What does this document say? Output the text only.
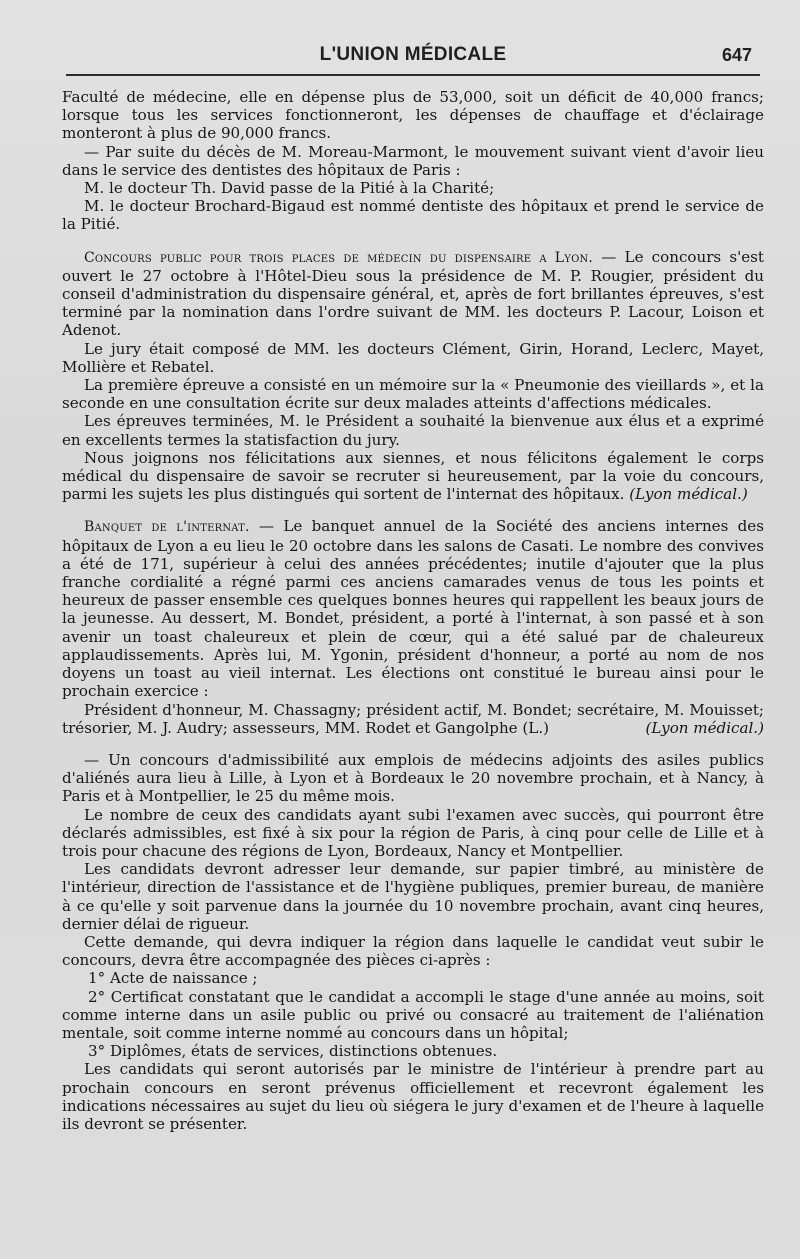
L'UNION MÉDICALE	647

Faculté de médecine, elle en dépense plus de 53,000, soit un déficit de 40,000 francs; lorsque tous les services fonctionneront, les dépenses de chauffage et d'éclairage monteront à plus de 90,000 francs.

— Par suite du décès de M. Moreau-Marmont, le mouvement suivant vient d'avoir lieu dans le service des dentistes des hôpitaux de Paris :

M. le docteur Th. David passe de la Pitié à la Charité;

M. le docteur Brochard-Bigaud est nommé dentiste des hôpitaux et prend le service de la Pitié.

Concours public pour trois places de médecin du dispensaire a Lyon. — Le concours s'est ouvert le 27 octobre à l'Hôtel-Dieu sous la présidence de M. P. Rougier, président du conseil d'administration du dispensaire général, et, après de fort brillantes épreuves, s'est terminé par la nomination dans l'ordre suivant de MM. les docteurs P. Lacour, Loison et Adenot.

Le jury était composé de MM. les docteurs Clément, Girin, Horand, Leclerc, Mayet, Mollière et Rebatel.

La première épreuve a consisté en un mémoire sur la « Pneumonie des vieillards », et la seconde en une consultation écrite sur deux malades atteints d'affections médicales.

Les épreuves terminées, M. le Président a souhaité la bienvenue aux élus et a exprimé en excellents termes la statisfaction du jury.

Nous joignons nos félicitations aux siennes, et nous félicitons également le corps médical du dispensaire de savoir se recruter si heureusement, par la voie du concours, parmi les sujets les plus distingués qui sortent de l'internat des hôpitaux. (Lyon médical.)

Banquet de l'internat. — Le banquet annuel de la Société des anciens internes des hôpitaux de Lyon a eu lieu le 20 octobre dans les salons de Casati. Le nombre des convives a été de 171, supérieur à celui des années précédentes; inutile d'ajouter que la plus franche cordialité a régné parmi ces anciens camarades venus de tous les points et heureux de passer ensemble ces quelques bonnes heures qui rappellent les beaux jours de la jeunesse. Au dessert, M. Bondet, président, a porté à l'internat, à son passé et à son avenir un toast chaleureux et plein de cœur, qui a été salué par de chaleureux applaudissements. Après lui, M. Ygonin, président d'honneur, a porté au nom de nos doyens un toast au vieil internat. Les élections ont constitué le bureau ainsi pour le prochain exercice :

Président d'honneur, M. Chassagny; président actif, M. Bondet; secrétaire, M. Mouisset; trésorier, M. J. Audry; assesseurs, MM. Rodet et Gangolphe (L.)	(Lyon médical.)

— Un concours d'admissibilité aux emplois de médecins adjoints des asiles publics d'aliénés aura lieu à Lille, à Lyon et à Bordeaux le 20 novembre prochain, et à Nancy, à Paris et à Montpellier, le 25 du même mois.

Le nombre de ceux des candidats ayant subi l'examen avec succès, qui pourront être déclarés admissibles, est fixé à six pour la région de Paris, à cinq pour celle de Lille et à trois pour chacune des régions de Lyon, Bordeaux, Nancy et Montpellier.

Les candidats devront adresser leur demande, sur papier timbré, au ministère de l'intérieur, direction de l'assistance et de l'hygiène publiques, premier bureau, de manière à ce qu'elle y soit parvenue dans la journée du 10 novembre prochain, avant cinq heures, dernier délai de rigueur.

Cette demande, qui devra indiquer la région dans laquelle le candidat veut subir le concours, devra être accompagnée des pièces ci-après :

1° Acte de naissance ;

2° Certificat constatant que le candidat a accompli le stage d'une année au moins, soit comme interne dans un asile public ou privé ou consacré au traitement de l'aliénation mentale, soit comme interne nommé au concours dans un hôpital;

3° Diplômes, états de services, distinctions obtenues.

Les candidats qui seront autorisés par le ministre de l'intérieur à prendre part au prochain concours en seront prévenus officiellement et recevront également les indications nécessaires au sujet du lieu où siégera le jury d'examen et de l'heure à laquelle ils devront se présenter.
